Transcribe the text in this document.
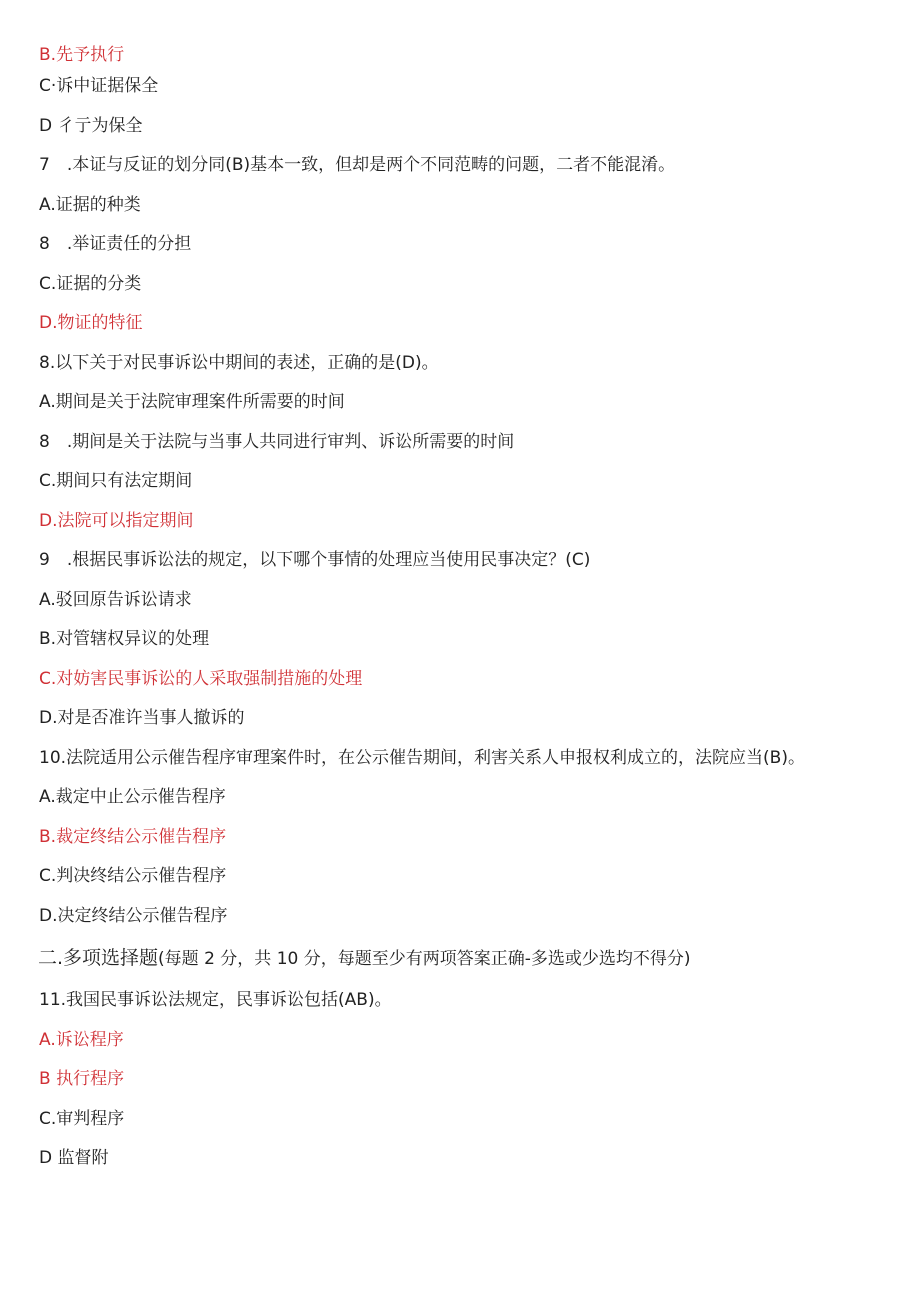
B.先予执行
C·诉中证据保全
D 彳亍为保全
7　.本证与反证的划分同(B)基本一致，但却是两个不同范畴的问题，二者不能混淆。
A.证据的种类
8　.举证责任的分担
C.证据的分类
D.物证的特征
8.以下关于对民事诉讼中期间的表述，正确的是(D)。
A.期间是关于法院审理案件所需要的时间
8　.期间是关于法院与当事人共同进行审判、诉讼所需要的时间
C.期间只有法定期间
D.法院可以指定期间
9　.根据民事诉讼法的规定，以下哪个事情的处理应当使用民事决定？(C)
A.驳回原告诉讼请求
B.对管辖权异议的处理
C.对妨害民事诉讼的人采取强制措施的处理
D.对是否准许当事人撤诉的
10.法院适用公示催告程序审理案件时，在公示催告期间，利害关系人申报权利成立的，法院应当(B)。
A.裁定中止公示催告程序
B.裁定终结公示催告程序
C.判决终结公示催告程序
D.决定终结公示催告程序
二.多项选择题(每题 2 分，共 10 分，每题至少有两项答案正确-多选或少选均不得分)
11.我国民事诉讼法规定，民事诉讼包括(AB)。
A.诉讼程序
B 执行程序
C.审判程序
D 监督附
